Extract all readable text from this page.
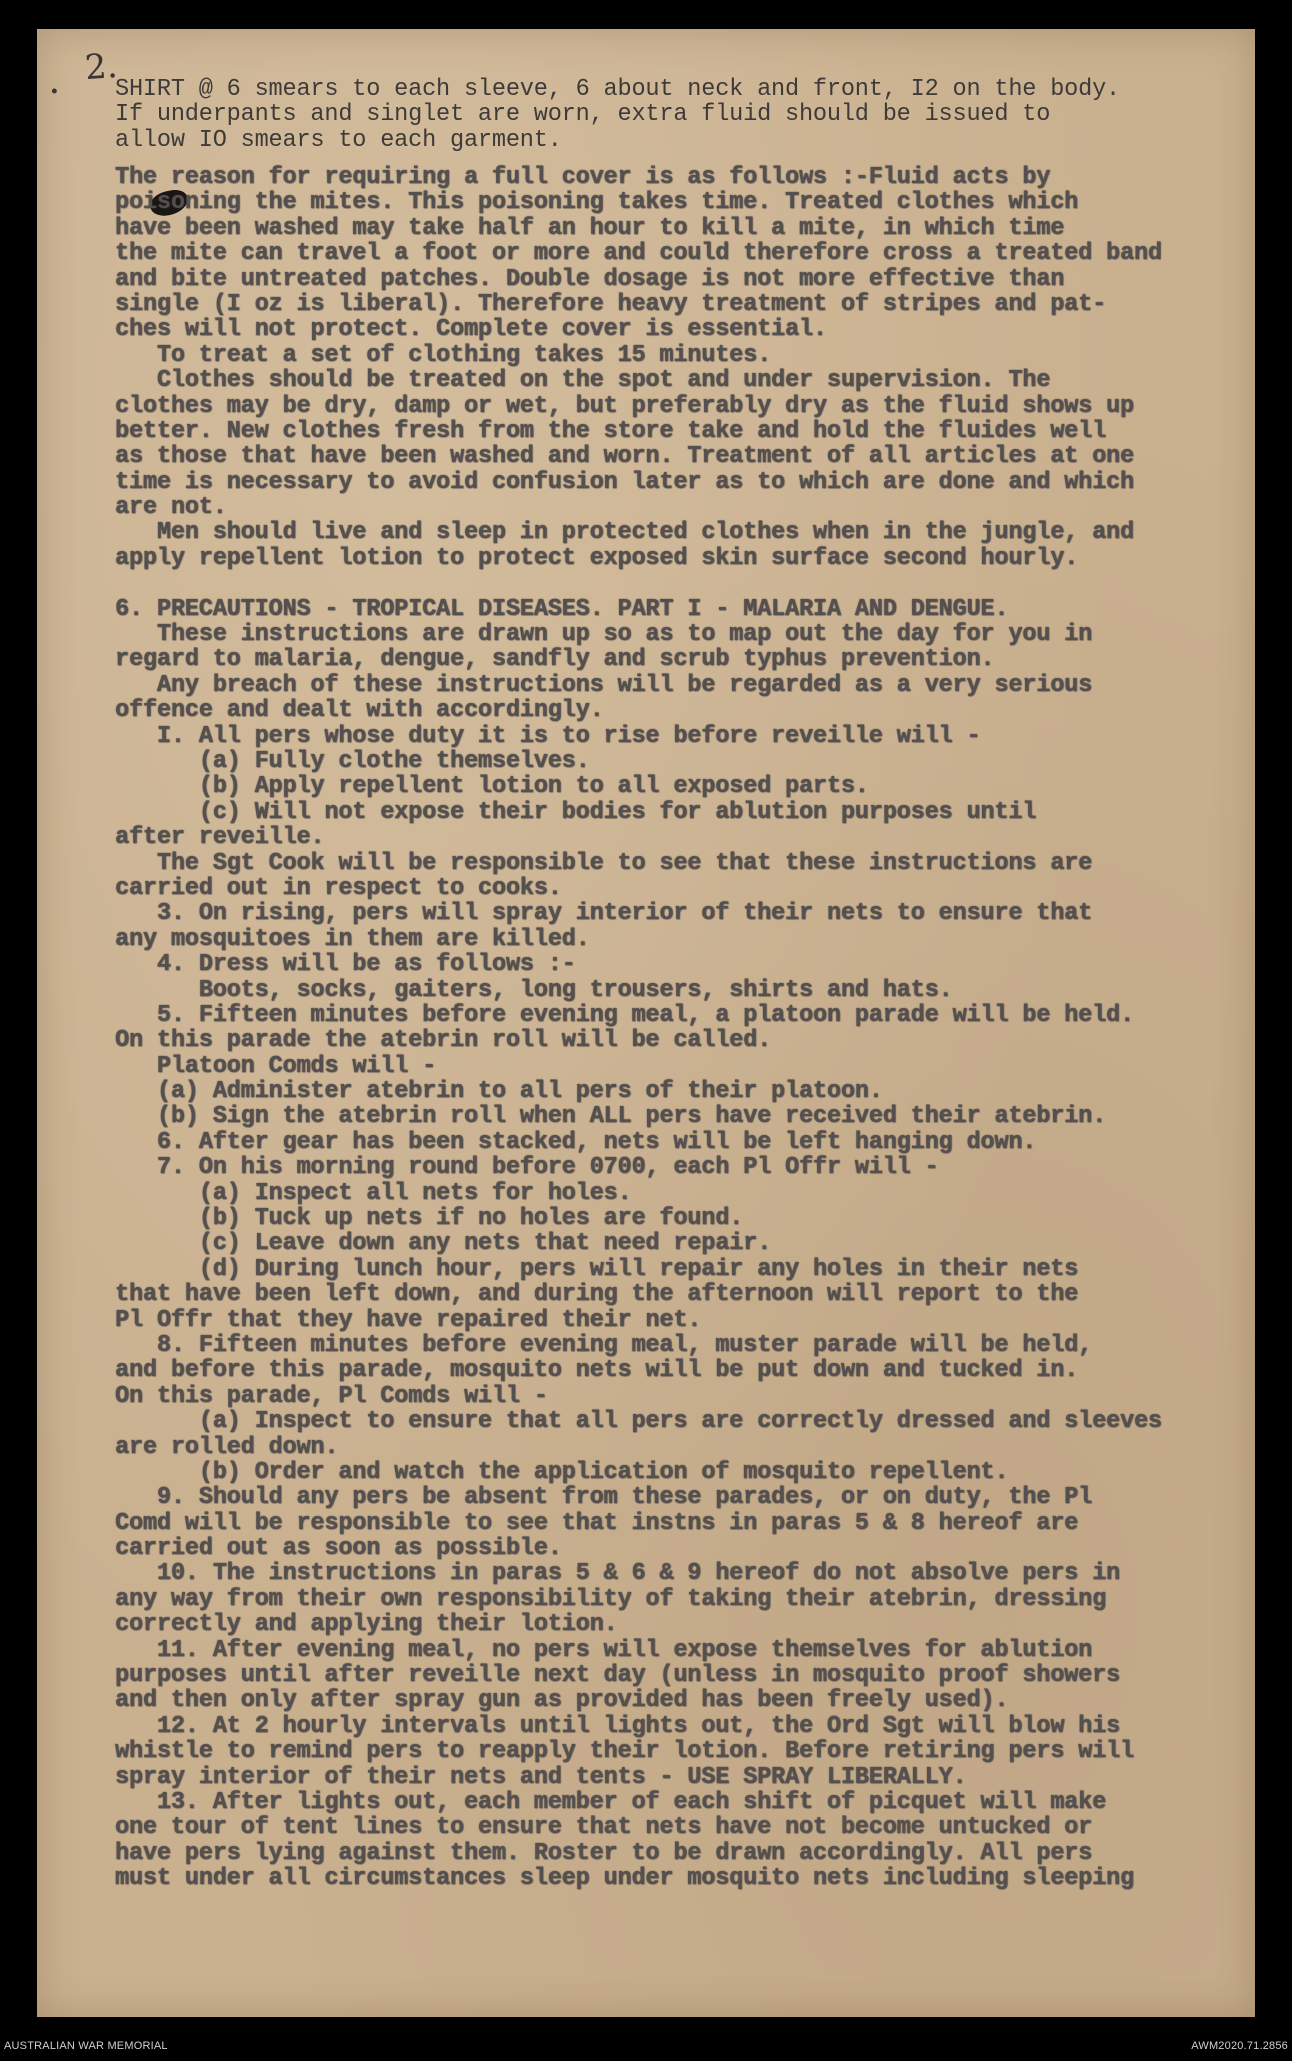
2.
• SHIRT @ 6 smears to each sleeve, 6 about neck and front, I2 on the body.
If underpants and singlet are worn, extra fluid should be issued to
allow IO smears to each garment.
The reason for requiring a full cover is as follows :-Fluid acts by
poisoning the mites. This poisoning takes time. Treated clothes which
have been washed may take half an hour to kill a mite, in which time
the mite can travel a foot or more and could therefore cross a treated band
and bite untreated patches. Double dosage is not more effective than
single (I oz is liberal). Therefore heavy treatment of stripes and pat-
ches will not protect. Complete cover is essential.
To treat a set of clothing takes 15 minutes.
Clothes should be treated on the spot and under supervision. The
clothes may be dry, damp or wet, but preferably dry as the fluid shows up
better. New clothes fresh from the store take and hold the fluides well
as those that have been washed and worn. Treatment of all articles at one
time is necessary to avoid confusion later as to which are done and which
are not.
Men should live and sleep in protected clothes when in the jungle, and
apply repellent lotion to protect exposed skin surface second hourly.
6. PRECAUTIONS - TROPICAL DISEASES. PART I - MALARIA AND DENGUE.
These instructions are drawn up so as to map out the day for you in
regard to malaria, dengue, sandfly and scrub typhus prevention.
Any breach of these instructions will be regarded as a very serious
offence and dealt with accordingly.
I. All pers whose duty it is to rise before reveille will -
(a) Fully clothe themselves.
(b) Apply repellent lotion to all exposed parts.
(c) Will not expose their bodies for ablution purposes until
after reveille.
The Sgt Cook will be responsible to see that these instructions are
carried out in respect to cooks.
3. On rising, pers will spray interior of their nets to ensure that
any mosquitoes in them are killed.
4. Dress will be as follows :-
Boots, socks, gaiters, long trousers, shirts and hats.
5. Fifteen minutes before evening meal, a platoon parade will be held.
On this parade the atebrin roll will be called.
Platoon Comds will -
(a) Administer atebrin to all pers of their platoon.
(b) Sign the atebrin roll when ALL pers have received their atebrin.
6. After gear has been stacked, nets will be left hanging down.
7. On his morning round before 0700, each Pl Offr will -
(a) Inspect all nets for holes.
(b) Tuck up nets if no holes are found.
(c) Leave down any nets that need repair.
(d) During lunch hour, pers will repair any holes in their nets
that have been left down, and during the afternoon will report to the
Pl Offr that they have repaired their net.
8. Fifteen minutes before evening meal, muster parade will be held,
and before this parade, mosquito nets will be put down and tucked in.
On this parade, Pl Comds will -
(a) Inspect to ensure that all pers are correctly dressed and sleeves
are rolled down.
(b) Order and watch the application of mosquito repellent.
9. Should any pers be absent from these parades, or on duty, the Pl
Comd will be responsible to see that instns in paras 5 & 8 hereof are
carried out as soon as possible.
10. The instructions in paras 5 & 6 & 9 hereof do not absolve pers in
any way from their own responsibility of taking their atebrin, dressing
correctly and applying their lotion.
11. After evening meal, no pers will expose themselves for ablution
purposes until after reveille next day (unless in mosquito proof showers
and then only after spray gun as provided has been freely used).
12. At 2 hourly intervals until lights out, the Ord Sgt will blow his
whistle to remind pers to reapply their lotion. Before retiring pers will
spray interior of their nets and tents - USE SPRAY LIBERALLY.
13. After lights out, each member of each shift of picquet will make
one tour of tent lines to ensure that nets have not become untucked or
have pers lying against them. Roster to be drawn accordingly. All pers
must under all circumstances sleep under mosquito nets including sleeping
AUSTRALIAN WAR MEMORIAL	AWM2020.71.2856
